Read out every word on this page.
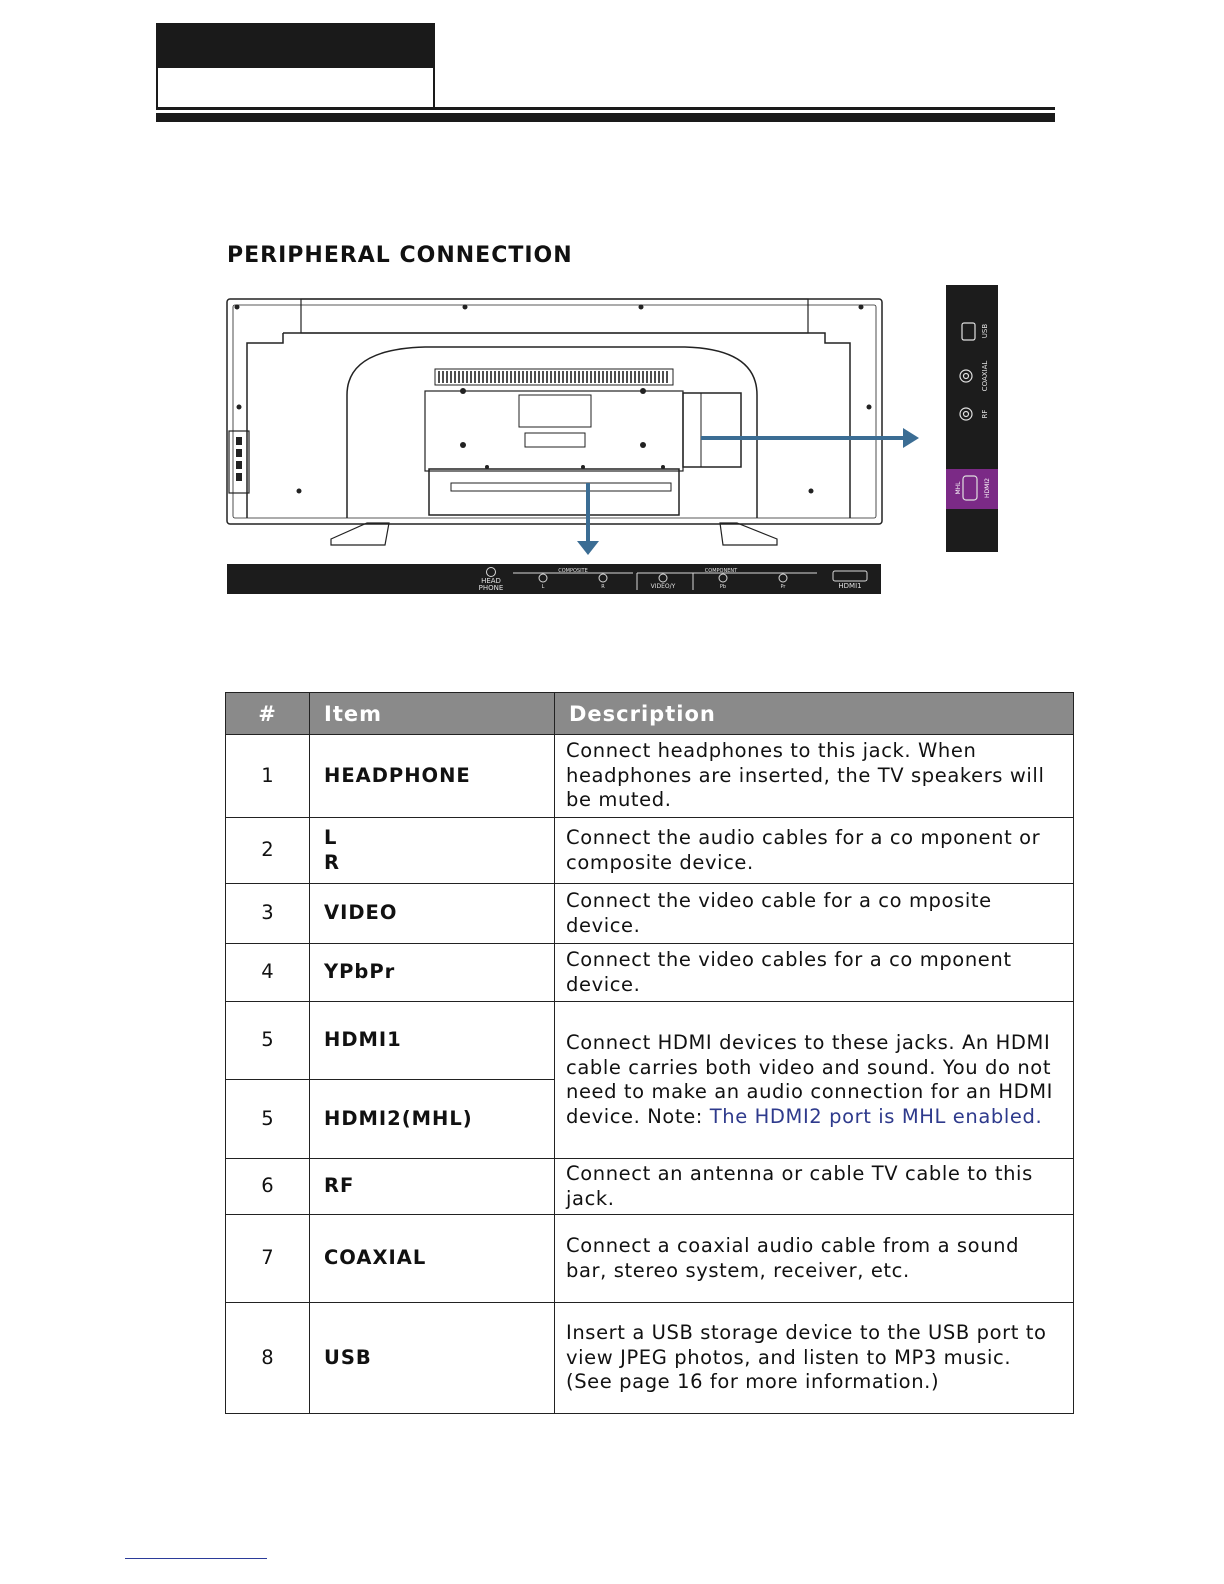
PERIPHERAL CONNECTION
HEAD
PHONE
COMPOSITE	COMPONENT
L	R	VIDEO/Y	Pb	Pr	HDMI1
USB
COAXIAL
RF
MHL	HDMI2
#	Item	Description
1	HEADPHONE	Connect headphones to this jack. When headphones are inserted, the TV speakers will be muted.
2	L
R	Connect the audio cables for a co mponent or composite device.
3	VIDEO	Connect the video cable for a co mposite device.
4	YPbPr	Connect the video cables for a co mponent device.
5	HDMI1	Connect HDMI devices to these jacks. An HDMI cable carries both video and sound. You do not need to make an audio connection for an HDMI device. Note: The HDMI2 port is MHL enabled.
5	HDMI2(MHL)	
6	RF	Connect an antenna or cable TV cable to this jack.
7	COAXIAL	Connect a coaxial audio cable from a sound bar, stereo system, receiver, etc.
8	USB	Insert a USB storage device to the USB port to view JPEG photos, and listen to MP3 music. (See page 16 for more information.)
